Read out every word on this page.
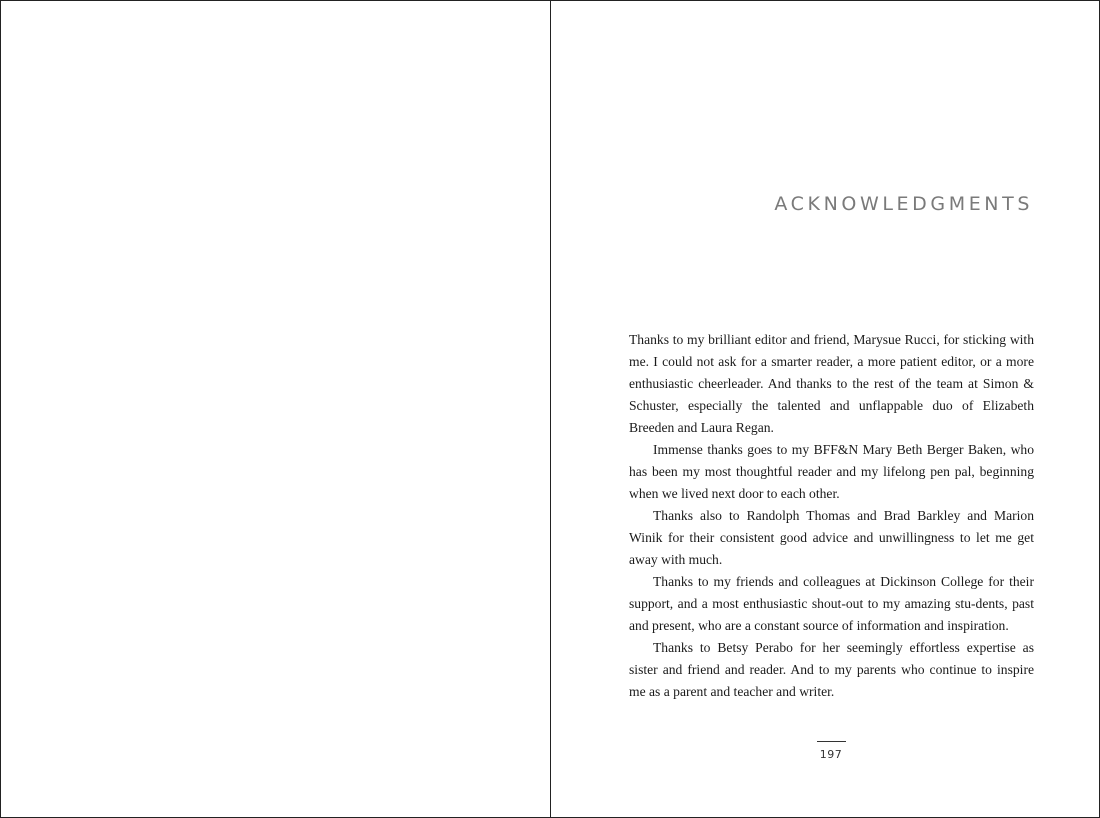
ACKNOWLEDGMENTS

Thanks to my brilliant editor and friend, Marysue Rucci, for sticking with me. I could not ask for a smarter reader, a more patient editor, or a more enthusiastic cheerleader. And thanks to the rest of the team at Simon & Schuster, especially the talented and unflappable duo of Elizabeth Breeden and Laura Regan.

Immense thanks goes to my BFF&N Mary Beth Berger Baken, who has been my most thoughtful reader and my lifelong pen pal, beginning when we lived next door to each other.

Thanks also to Randolph Thomas and Brad Barkley and Marion Winik for their consistent good advice and unwillingness to let me get away with much.

Thanks to my friends and colleagues at Dickinson College for their support, and a most enthusiastic shout-out to my amazing stu-dents, past and present, who are a constant source of information and inspiration.

Thanks to Betsy Perabo for her seemingly effortless expertise as sister and friend and reader. And to my parents who continue to inspire me as a parent and teacher and writer.

197
